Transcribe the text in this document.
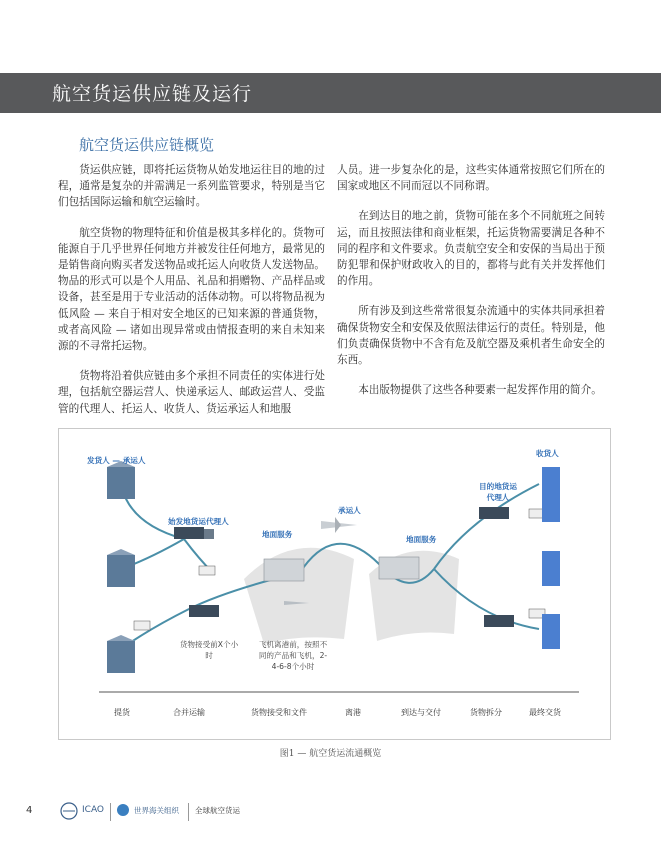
航空货运供应链及运行
航空货运供应链概览

货运供应链，即将托运货物从始发地运往目的地的过程，通常是复杂的并需满足一系列监管要求，特别是当它们包括国际运输和航空运输时。

航空货物的物理特征和价值是极其多样化的。货物可能源自于几乎世界任何地方并被发往任何地方，最常见的是销售商向购买者发送物品或托运人向收货人发送物品。物品的形式可以是个人用品、礼品和捐赠物、产品样品或设备，甚至是用于专业活动的活体动物。可以将物品视为低风险 — 来自于相对安全地区的已知来源的普通货物，或者高风险 — 诸如出现异常或由情报查明的来自未知来源的不寻常托运物。

货物将沿着供应链由多个承担不同责任的实体进行处理，包括航空器运营人、快递承运人、邮政运营人、受监管的代理人、托运人、收货人、货运承运人和地服

人员。进一步复杂化的是，这些实体通常按照它们所在的国家或地区不同而冠以不同称谓。

在到达目的地之前，货物可能在多个不同航班之间转运，而且按照法律和商业框架，托运货物需要满足各种不同的程序和文件要求。负责航空安全和安保的当局出于预防犯罪和保护财政收入的目的，都将与此有关并发挥他们的作用。

所有涉及到这些常常很复杂流通中的实体共同承担着确保货物安全和安保及依照法律运行的责任。特别是，他们负责确保货物中不含有危及航空器及乘机者生命安全的东西。

本出版物提供了这些各种要素一起发挥作用的简介。

发货人 — 承运人
始发地货运代理人
地面服务
承运人
地面服务
目的地货运代理人
收货人
货物接受前X个小时
飞机离港前，按照不同的产品和飞机，2-4-6-8个小时
提货	合并运输	货物接受和文件	离港	到达与交付	货物拆分	最终交货
图1 — 航空货运流通概览
4	ICAO	世界海关组织 全球航空货运
